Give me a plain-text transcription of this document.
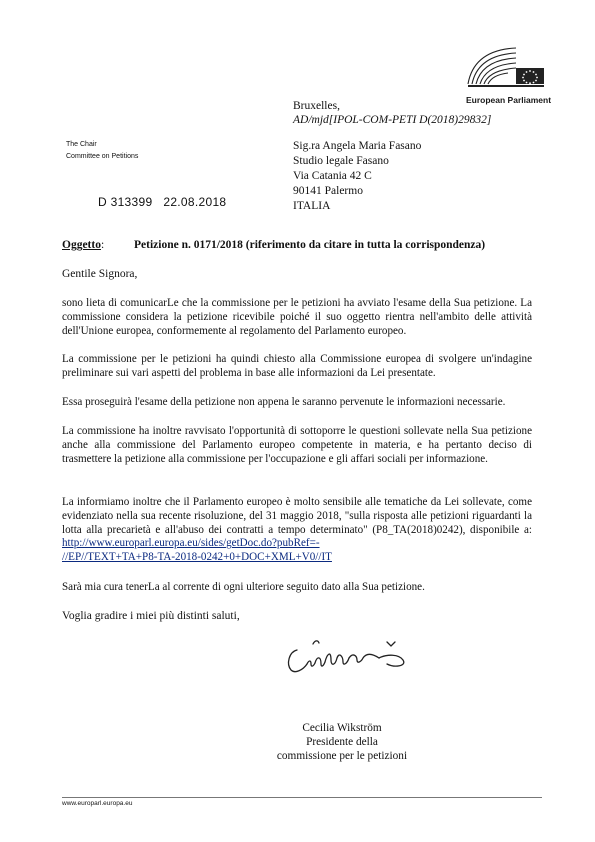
European Parliament
Bruxelles,
AD/mjd[IPOL-COM-PETI D(2018)29832]
The Chair
Committee on Petitions
Sig.ra Angela Maria Fasano
Studio legale Fasano
Via Catania 42 C
90141 Palermo
ITALIA
D 313399   22.08.2018
Oggetto:	Petizione n. 0171/2018 (riferimento da citare in tutta la corrispondenza)
Gentile Signora,

sono lieta di comunicarLe che la commissione per le petizioni ha avviato l'esame della Sua petizione. La commissione considera la petizione ricevibile poiché il suo oggetto rientra nell'ambito delle attività dell'Unione europea, conformemente al regolamento del Parlamento europeo.

La commissione per le petizioni ha quindi chiesto alla Commissione europea di svolgere un'indagine preliminare sui vari aspetti del problema in base alle informazioni da Lei presentate.

Essa proseguirà l'esame della petizione non appena le saranno pervenute le informazioni necessarie.

La commissione ha inoltre ravvisato l'opportunità di sottoporre le questioni sollevate nella Sua petizione anche alla commissione del Parlamento europeo competente in materia, e ha pertanto deciso di trasmettere la petizione alla commissione per l'occupazione e gli affari sociali per informazione.

La informiamo inoltre che il Parlamento europeo è molto sensibile alle tematiche da Lei sollevate, come evidenziato nella sua recente risoluzione, del 31 maggio 2018, "sulla risposta alle petizioni riguardanti la lotta alla precarietà e all'abuso dei contratti a tempo determinato" (P8_TA(2018)0242), disponibile a: http://www.europarl.europa.eu/sides/getDoc.do?pubRef=-
//EP//TEXT+TA+P8-TA-2018-0242+0+DOC+XML+V0//IT

Sarà mia cura tenerLa al corrente di ogni ulteriore seguito dato alla Sua petizione.

Voglia gradire i miei più distinti saluti,
Cecilia Wikström
Presidente della
commissione per le petizioni
www.europarl.europa.eu
